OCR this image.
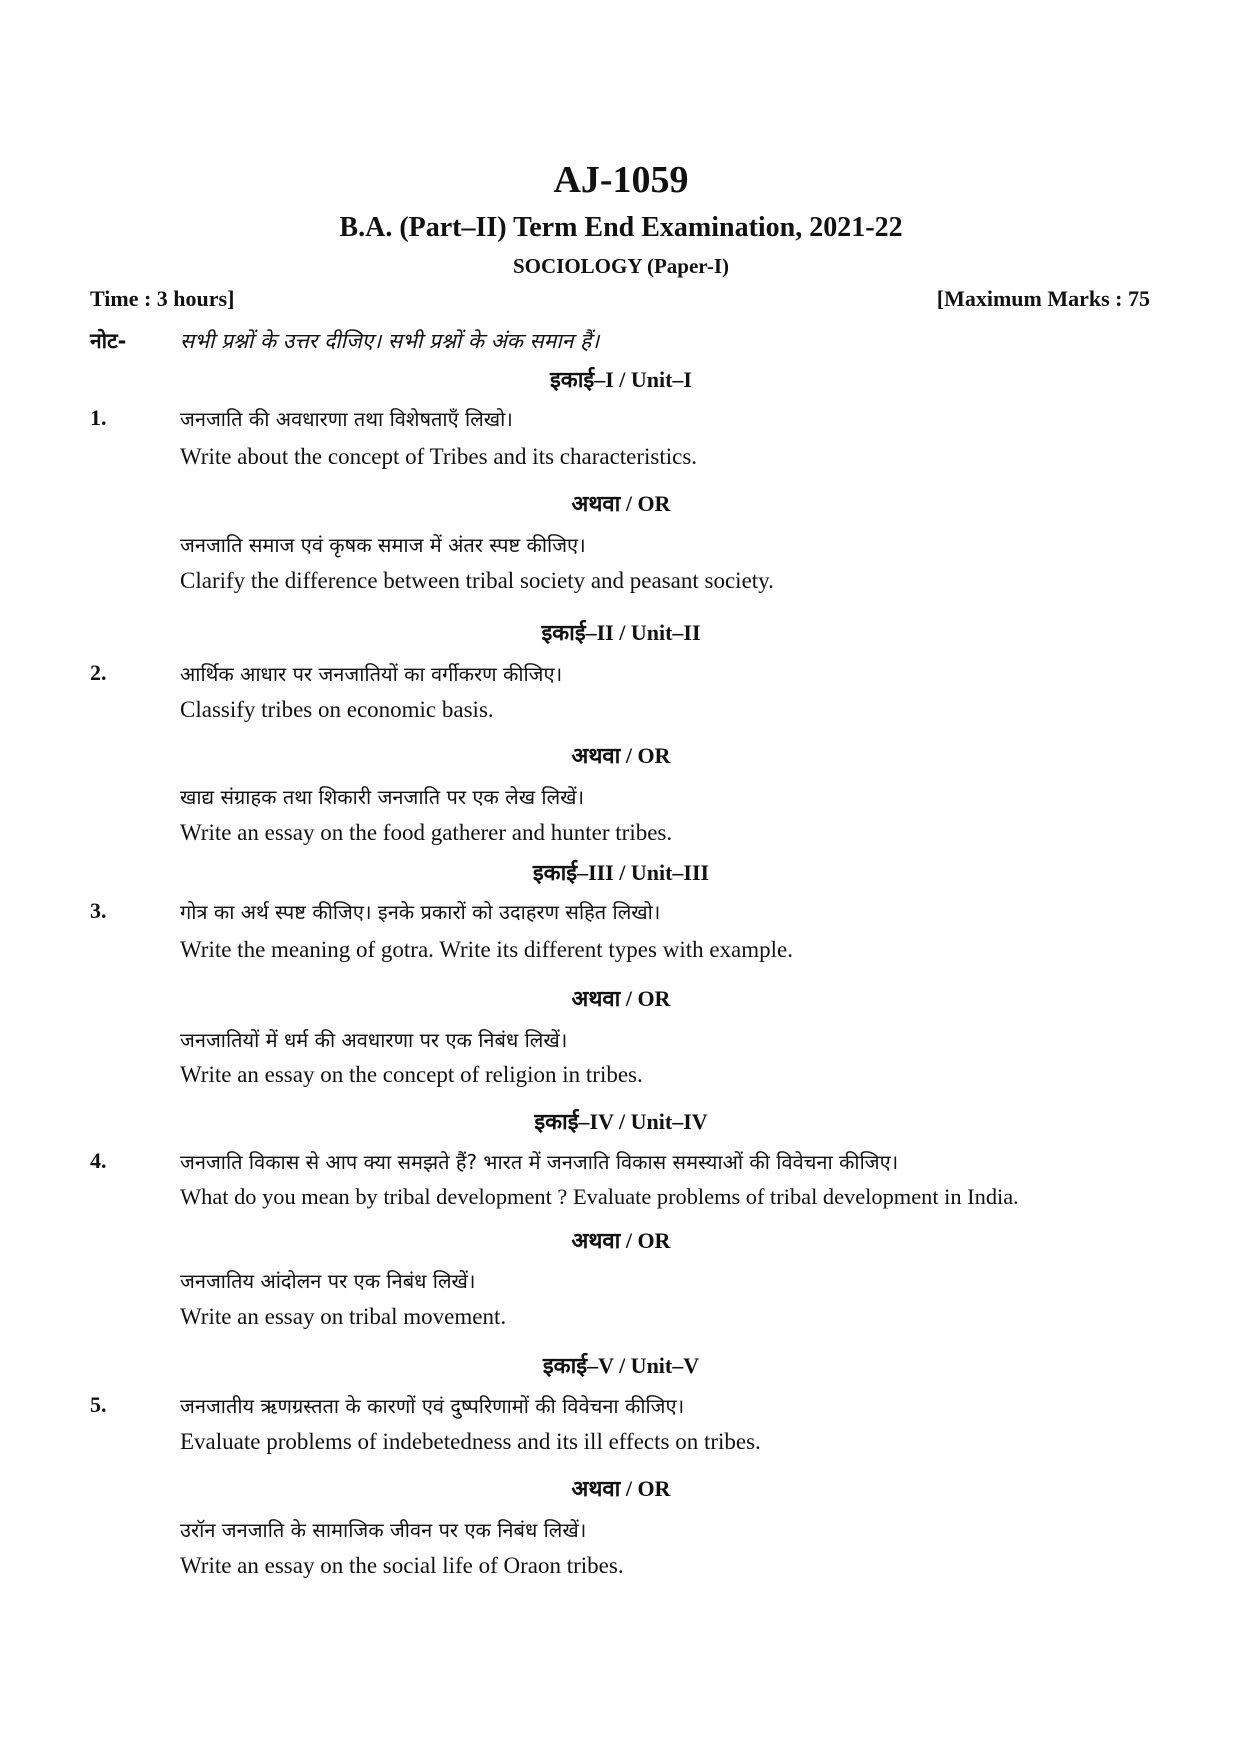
AJ-1059
B.A. (Part–II) Term End Examination, 2021-22
SOCIOLOGY (Paper-I)
Time : 3 hours]	[Maximum Marks : 75
नोट-	सभी प्रश्नों के उत्तर दीजिए। सभी प्रश्नों के अंक समान हैं।
इकाई–I / Unit–I
1.	जनजाति की अवधारणा तथा विशेषताएँ लिखो।
Write about the concept of Tribes and its characteristics.
अथवा / OR
जनजाति समाज एवं कृषक समाज में अंतर स्पष्ट कीजिए।
Clarify the difference between tribal society and peasant society.
इकाई–II / Unit–II
2.	आर्थिक आधार पर जनजातियों का वर्गीकरण कीजिए।
Classify tribes on economic basis.
अथवा / OR
खाद्य संग्राहक तथा शिकारी जनजाति पर एक लेख लिखें।
Write an essay on the food gatherer and hunter tribes.
इकाई–III / Unit–III
3.	गोत्र का अर्थ स्पष्ट कीजिए। इनके प्रकारों को उदाहरण सहित लिखो।
Write the meaning of gotra. Write its different types with example.
अथवा / OR
जनजातियों में धर्म की अवधारणा पर एक निबंध लिखें।
Write an essay on the concept of religion in tribes.
इकाई–IV / Unit–IV
4.	जनजाति विकास से आप क्या समझते हैं? भारत में जनजाति विकास समस्याओं की विवेचना कीजिए।
What do you mean by tribal development ? Evaluate problems of tribal development in India.
अथवा / OR
जनजातिय आंदोलन पर एक निबंध लिखें।
Write an essay on tribal movement.
इकाई–V / Unit–V
5.	जनजातीय ऋणग्रस्तता के कारणों एवं दुष्परिणामों की विवेचना कीजिए।
Evaluate problems of indebetedness and its ill effects on tribes.
अथवा / OR
उरॉन जनजाति के सामाजिक जीवन पर एक निबंध लिखें।
Write an essay on the social life of Oraon tribes.
